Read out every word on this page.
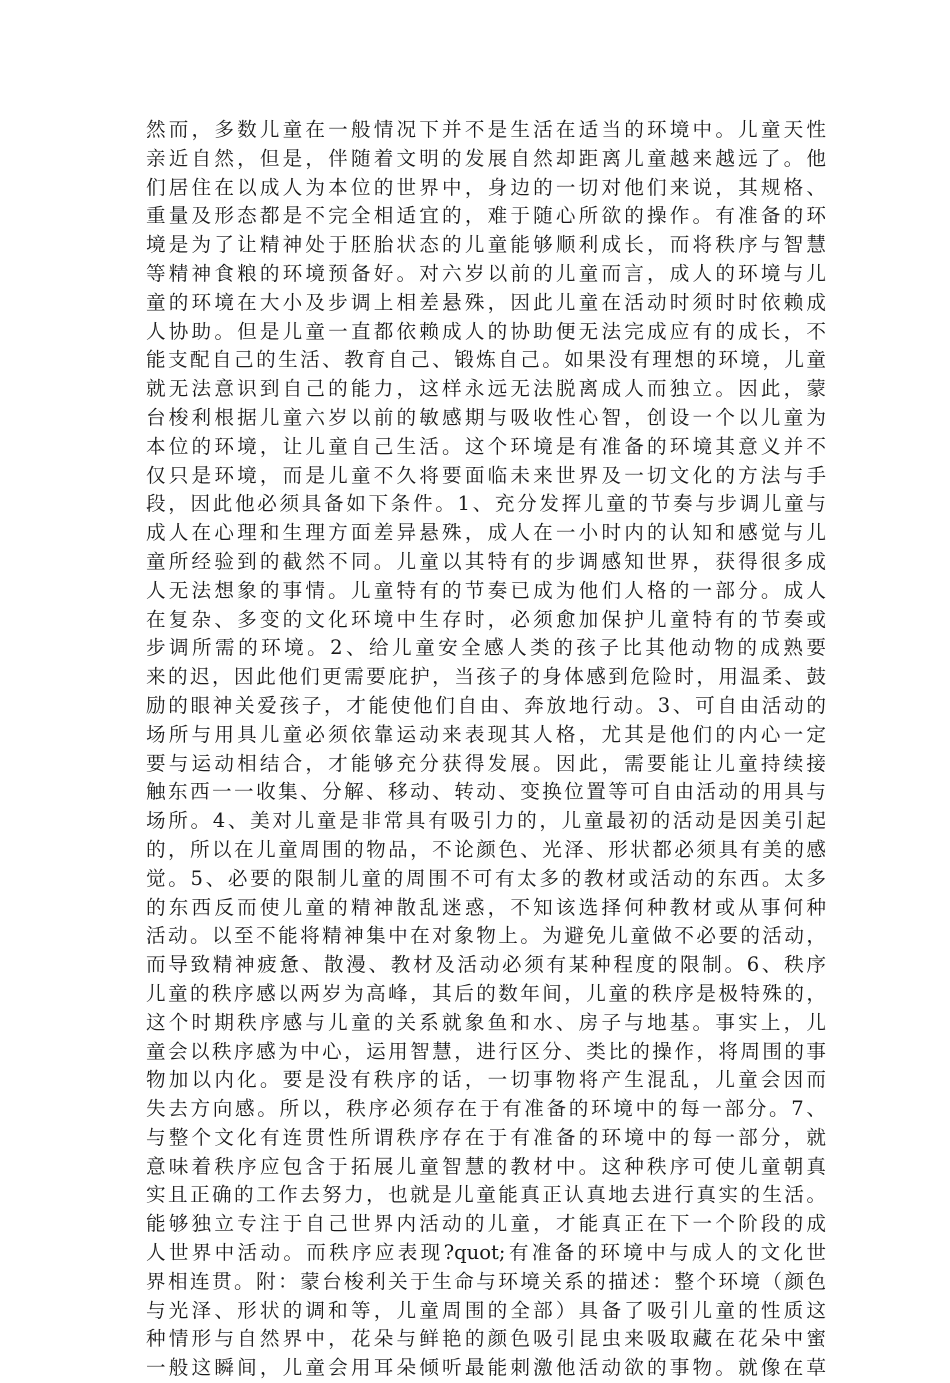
然而，多数儿童在一般情况下并不是生活在适当的环境中。儿童天性
亲近自然，但是，伴随着文明的发展自然却距离儿童越来越远了。他
们居住在以成人为本位的世界中，身边的一切对他们来说，其规格、
重量及形态都是不完全相适宜的，难于随心所欲的操作。有准备的环
境是为了让精神处于胚胎状态的儿童能够顺利成长，而将秩序与智慧
等精神食粮的环境预备好。对六岁以前的儿童而言，成人的环境与儿
童的环境在大小及步调上相差悬殊，因此儿童在活动时须时时依赖成
人协助。但是儿童一直都依赖成人的协助便无法完成应有的成长，不
能支配自己的生活、教育自己、锻炼自己。如果没有理想的环境，儿童
就无法意识到自己的能力，这样永远无法脱离成人而独立。因此，蒙
台梭利根据儿童六岁以前的敏感期与吸收性心智，创设一个以儿童为
本位的环境，让儿童自己生活。这个环境是有准备的环境其意义并不
仅只是环境，而是儿童不久将要面临未来世界及一切文化的方法与手
段，因此他必须具备如下条件。1、充分发挥儿童的节奏与步调儿童与
成人在心理和生理方面差异悬殊，成人在一小时内的认知和感觉与儿
童所经验到的截然不同。儿童以其特有的步调感知世界，获得很多成
人无法想象的事情。儿童特有的节奏已成为他们人格的一部分。成人
在复杂、多变的文化环境中生存时，必须愈加保护儿童特有的节奏或
步调所需的环境。2、给儿童安全感人类的孩子比其他动物的成熟要
来的迟，因此他们更需要庇护，当孩子的身体感到危险时，用温柔、鼓
励的眼神关爱孩子，才能使他们自由、奔放地行动。3、可自由活动的
场所与用具儿童必须依靠运动来表现其人格，尤其是他们的内心一定
要与运动相结合，才能够充分获得发展。因此，需要能让儿童持续接
触东西一一收集、分解、移动、转动、变换位置等可自由活动的用具与
场所。4、美对儿童是非常具有吸引力的，儿童最初的活动是因美引起
的，所以在儿童周围的物品，不论颜色、光泽、形状都必须具有美的感
觉。5、必要的限制儿童的周围不可有太多的教材或活动的东西。太多
的东西反而使儿童的精神散乱迷惑，不知该选择何种教材或从事何种
活动。以至不能将精神集中在对象物上。为避免儿童做不必要的活动，
而导致精神疲惫、散漫、教材及活动必须有某种程度的限制。6、秩序
儿童的秩序感以两岁为高峰，其后的数年间，儿童的秩序是极特殊的，
这个时期秩序感与儿童的关系就象鱼和水、房子与地基。事实上，儿
童会以秩序感为中心，运用智慧，进行区分、类比的操作，将周围的事
物加以内化。要是没有秩序的话，一切事物将产生混乱，儿童会因而
失去方向感。所以，秩序必须存在于有准备的环境中的每一部分。7、
与整个文化有连贯性所谓秩序存在于有准备的环境中的每一部分，就
意味着秩序应包含于拓展儿童智慧的教材中。这种秩序可使儿童朝真
实且正确的工作去努力，也就是儿童能真正认真地去进行真实的生活。
能够独立专注于自己世界内活动的儿童，才能真正在下一个阶段的成
人世界中活动。而秩序应表现?quot;有准备的环境中与成人的文化世
界相连贯。附：蒙台梭利关于生命与环境关系的描述：整个环境（颜色
与光泽、形状的调和等，儿童周围的全部）具备了吸引儿童的性质这
种情形与自然界中，花朵与鲜艳的颜色吸引昆虫来吸取藏在花朵中蜜
一般这瞬间，儿童会用耳朵倾听最能刺激他活动欲的事物。就像在草
